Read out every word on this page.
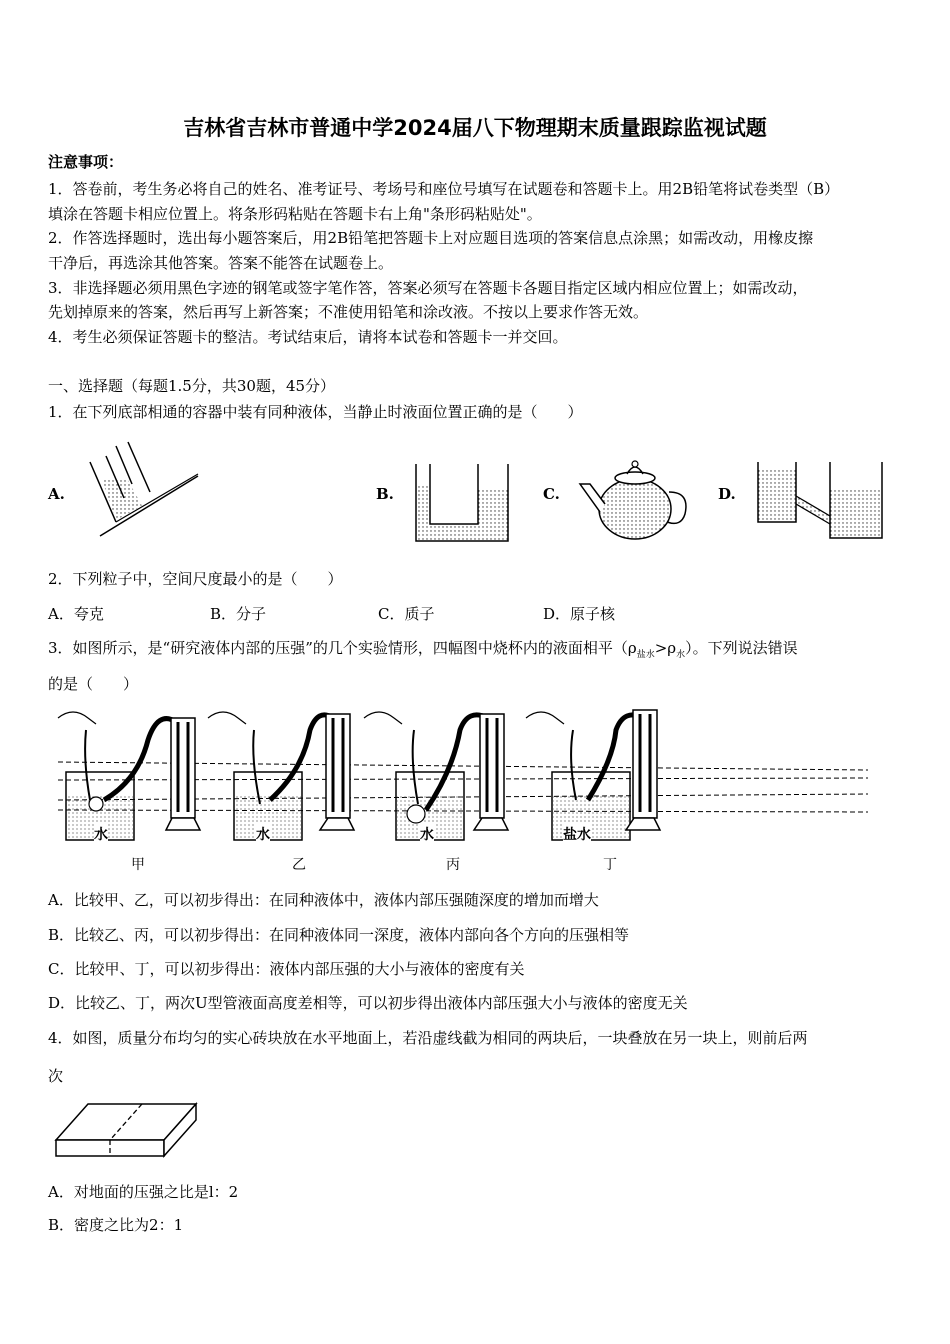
吉林省吉林市普通中学2024届八下物理期末质量跟踪监视试题
注意事项：
1．答卷前，考生务必将自己的姓名、准考证号、考场号和座位号填写在试题卷和答题卡上。用2B铅笔将试卷类型（B）
填涂在答题卡相应位置上。将条形码粘贴在答题卡右上角"条形码粘贴处"。
2．作答选择题时，选出每小题答案后，用2B铅笔把答题卡上对应题目选项的答案信息点涂黑；如需改动，用橡皮擦
干净后，再选涂其他答案。答案不能答在试题卷上。
3．非选择题必须用黑色字迹的钢笔或签字笔作答，答案必须写在答题卡各题目指定区域内相应位置上；如需改动，
先划掉原来的答案，然后再写上新答案；不准使用铅笔和涂改液。不按以上要求作答无效。
4．考生必须保证答题卡的整洁。考试结束后，请将本试卷和答题卡一并交回。
一、选择题（每题1.5分，共30题，45分）
1．在下列底部相通的容器中装有同种液体，当静止时液面位置正确的是（　　）
A.	B.	C.	D.
2．下列粒子中，空间尺度最小的是（　　）
A．夸克	B．分子	C．质子	D．原子核
3．如图所示，是“研究液体内部的压强”的几个实验情形，四幅图中烧杯内的液面相平$(\rho_{盐水}>\rho_水)$。下列说法错误
的是（　　）
水	水	水	盐水
甲	乙	丙	丁
A．比较甲、乙，可以初步得出：在同种液体中，液体内部压强随深度的增加而增大
B．比较乙、丙，可以初步得出：在同种液体同一深度，液体内部向各个方向的压强相等
C．比较甲、丁，可以初步得出：液体内部压强的大小与液体的密度有关
D．比较乙、丁，两次U型管液面高度差相等，可以初步得出液体内部压强大小与液体的密度无关
4．如图，质量分布均匀的实心砖块放在水平地面上，若沿虚线截为相同的两块后，一块叠放在另一块上，则前后两
次
A．对地面的压强之比是l：2
B．密度之比为2：1
